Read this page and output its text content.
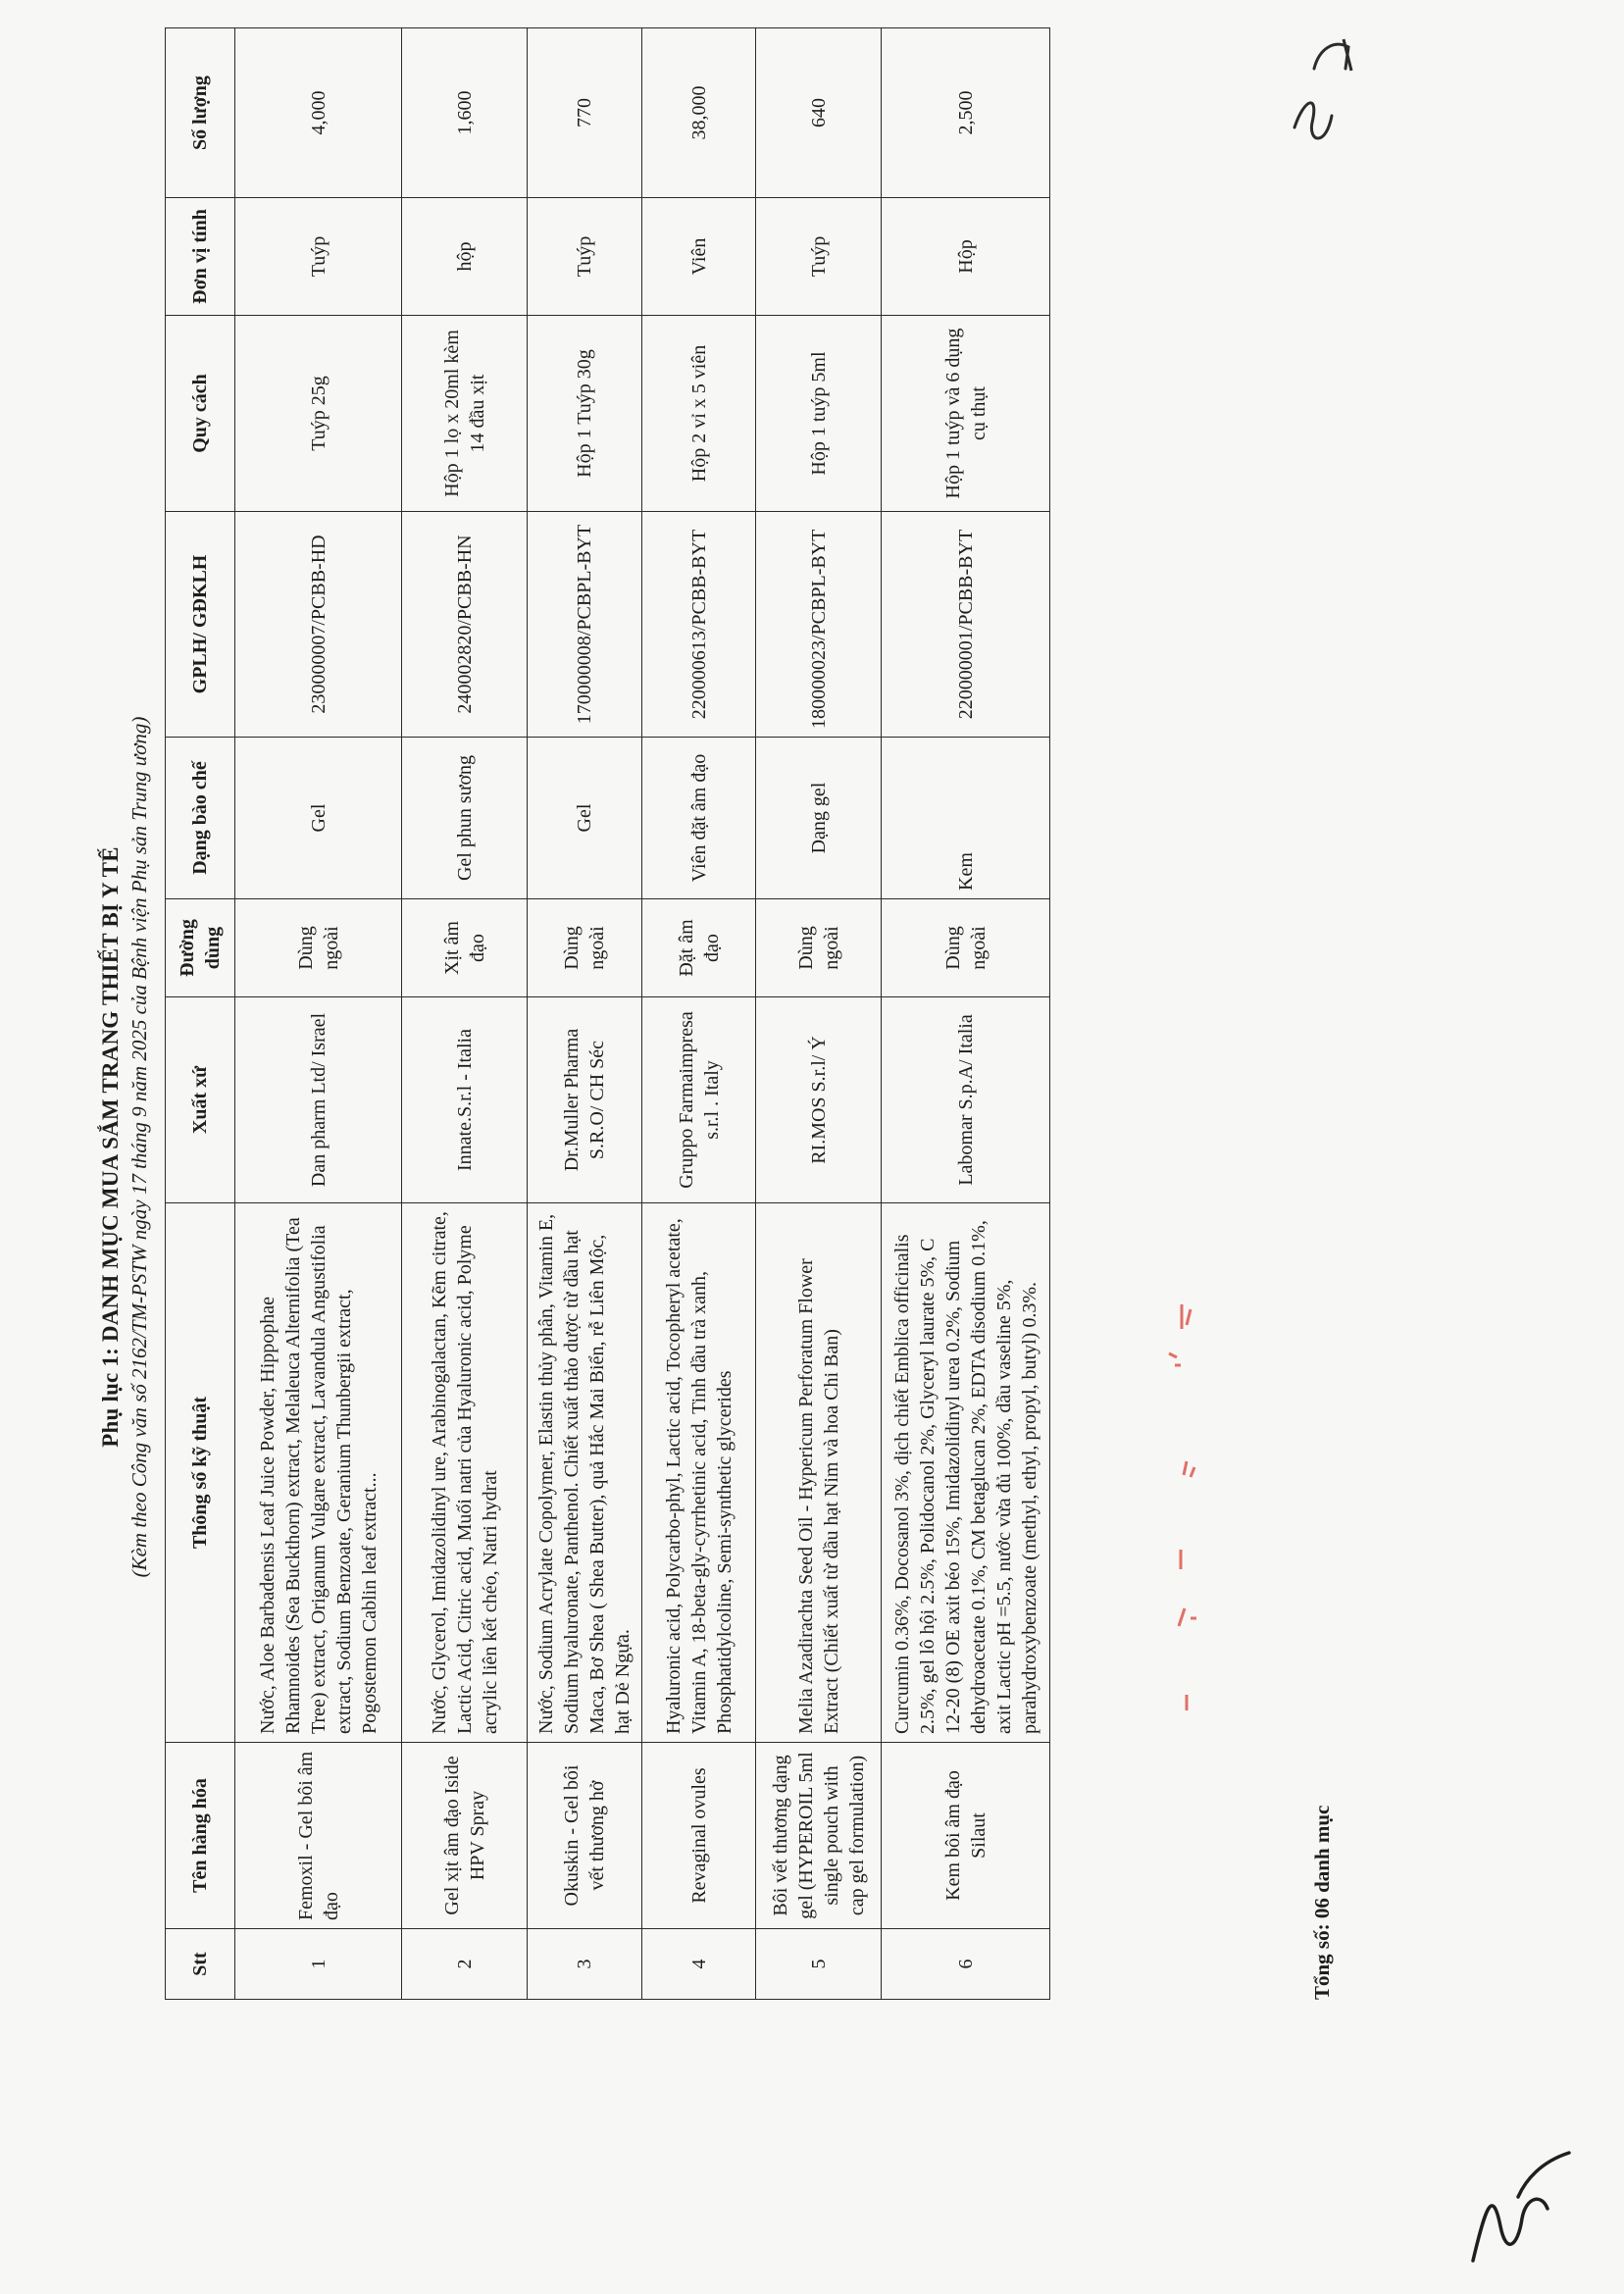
Phụ lục 1: DANH MỤC MUA SẮM TRANG THIẾT BỊ Y TẾ (Kèm theo Công văn số 2162/TM-PSTW ngày 17 tháng 9 năm 2025 của Bệnh viện Phụ sản Trung ương)
Stt	Tên hàng hóa	Thông số kỹ thuật	Xuất xứ	Đường dùng	Dạng bào chế	GPLH/ GĐKLH	Quy cách	Đơn vị tính	Số lượng
1	Femoxil - Gel bôi âm đạo	Nước, Aloe Barbadensis Leaf Juice Powder, Hippophae Rhamnoides (Sea Buckthorn) extract, Melaleuca Alternifolia (Tea Tree) extract, Origanum Vulgare extract, Lavandula Angustifolia extract, Sodium Benzoate, Geranium Thunbergii extract, Pogostemon Cablin leaf extract...	Dan pharm Ltd/ Israel	Dùng ngoài	Gel	230000007/PCBB-HD	Tuýp 25g	Tuýp	4,000
2	Gel xịt âm đạo Iside HPV Spray	Nước, Glycerol, Imidazolidinyl ure, Arabinogalactan, Kẽm citrate, Lactic Acid, Citric acid, Muối natri của Hyaluronic acid, Polyme acrylic liên kết chéo, Natri hydrat	Innate.S.r.l - Italia	Xịt âm đạo	Gel phun sương	240002820/PCBB-HN	Hộp 1 lọ x 20ml kèm 14 đầu xịt	hộp	1,600
3	Okuskin - Gel bôi vết thương hở	Nước, Sodium Acrylate Copolymer, Elastin thủy phân, Vitamin E, Sodium hyaluronate, Panthenol. Chiết xuất thảo dược từ dầu hạt Maca, Bơ Shea ( Shea Butter), quả Hắc Mai Biển, rễ Liên Mộc, hạt Dẻ Ngựa.	Dr.Muller Pharma S.R.O/ CH Séc	Dùng ngoài	Gel	170000008/PCBPL-BYT	Hộp 1 Tuýp 30g	Tuýp	770
4	Revaginal ovules	Hyaluronic acid, Polycarbo-phyl, Lactic acid, Tocopheryl acetate, Vitamin A, 18-beta-gly-cyrrhetinic acid, Tinh dầu trà xanh, Phosphatidylcoline, Semi-synthetic glycerides	Gruppo Farmaimpresa s.r.l . Italy	Đặt âm đạo	Viên đặt âm đạo	220000613/PCBB-BYT	Hộp 2 vỉ x 5 viên	Viên	38,000
5	Bôi vết thương dạng gel (HYPEROIL 5ml single pouch with cap gel formulation)	Melia Azadirachta Seed Oil - Hypericum Perforatum Flower Extract (Chiết xuất từ dầu hạt Nim và hoa Chi Ban)	RI.MOS S.r.l/ Ý	Dùng ngoài	Dạng gel	180000023/PCBPL-BYT	Hộp 1 tuýp 5ml	Tuýp	640
6	Kem bôi âm đạo Silaut	Curcumin 0.36%, Docosanol 3%, dịch chiết Emblica officinalis 2.5%, gel lô hội 2.5%, Polidocanol 2%, Glyceryl laurate 5%, C 12-20 (8) OE axit béo 15%, Imidazolidinyl urea 0.2%, Sodium dehydroacetate 0.1%, CM betaglucan 2%, EDTA disodium 0.1%, axit Lactic pH =5.5, nước vừa đủ 100%, dầu vaseline 5%, parahydroxybenzoate (methyl, ethyl, propyl, butyl) 0.3%.	Labomar S.p.A/ Italia	Dùng ngoài	Kem	220000001/PCBB-BYT	Hộp 1 tuýp và 6 dụng cụ thụt	Hộp	2,500
Tổng số: 06 danh mục
